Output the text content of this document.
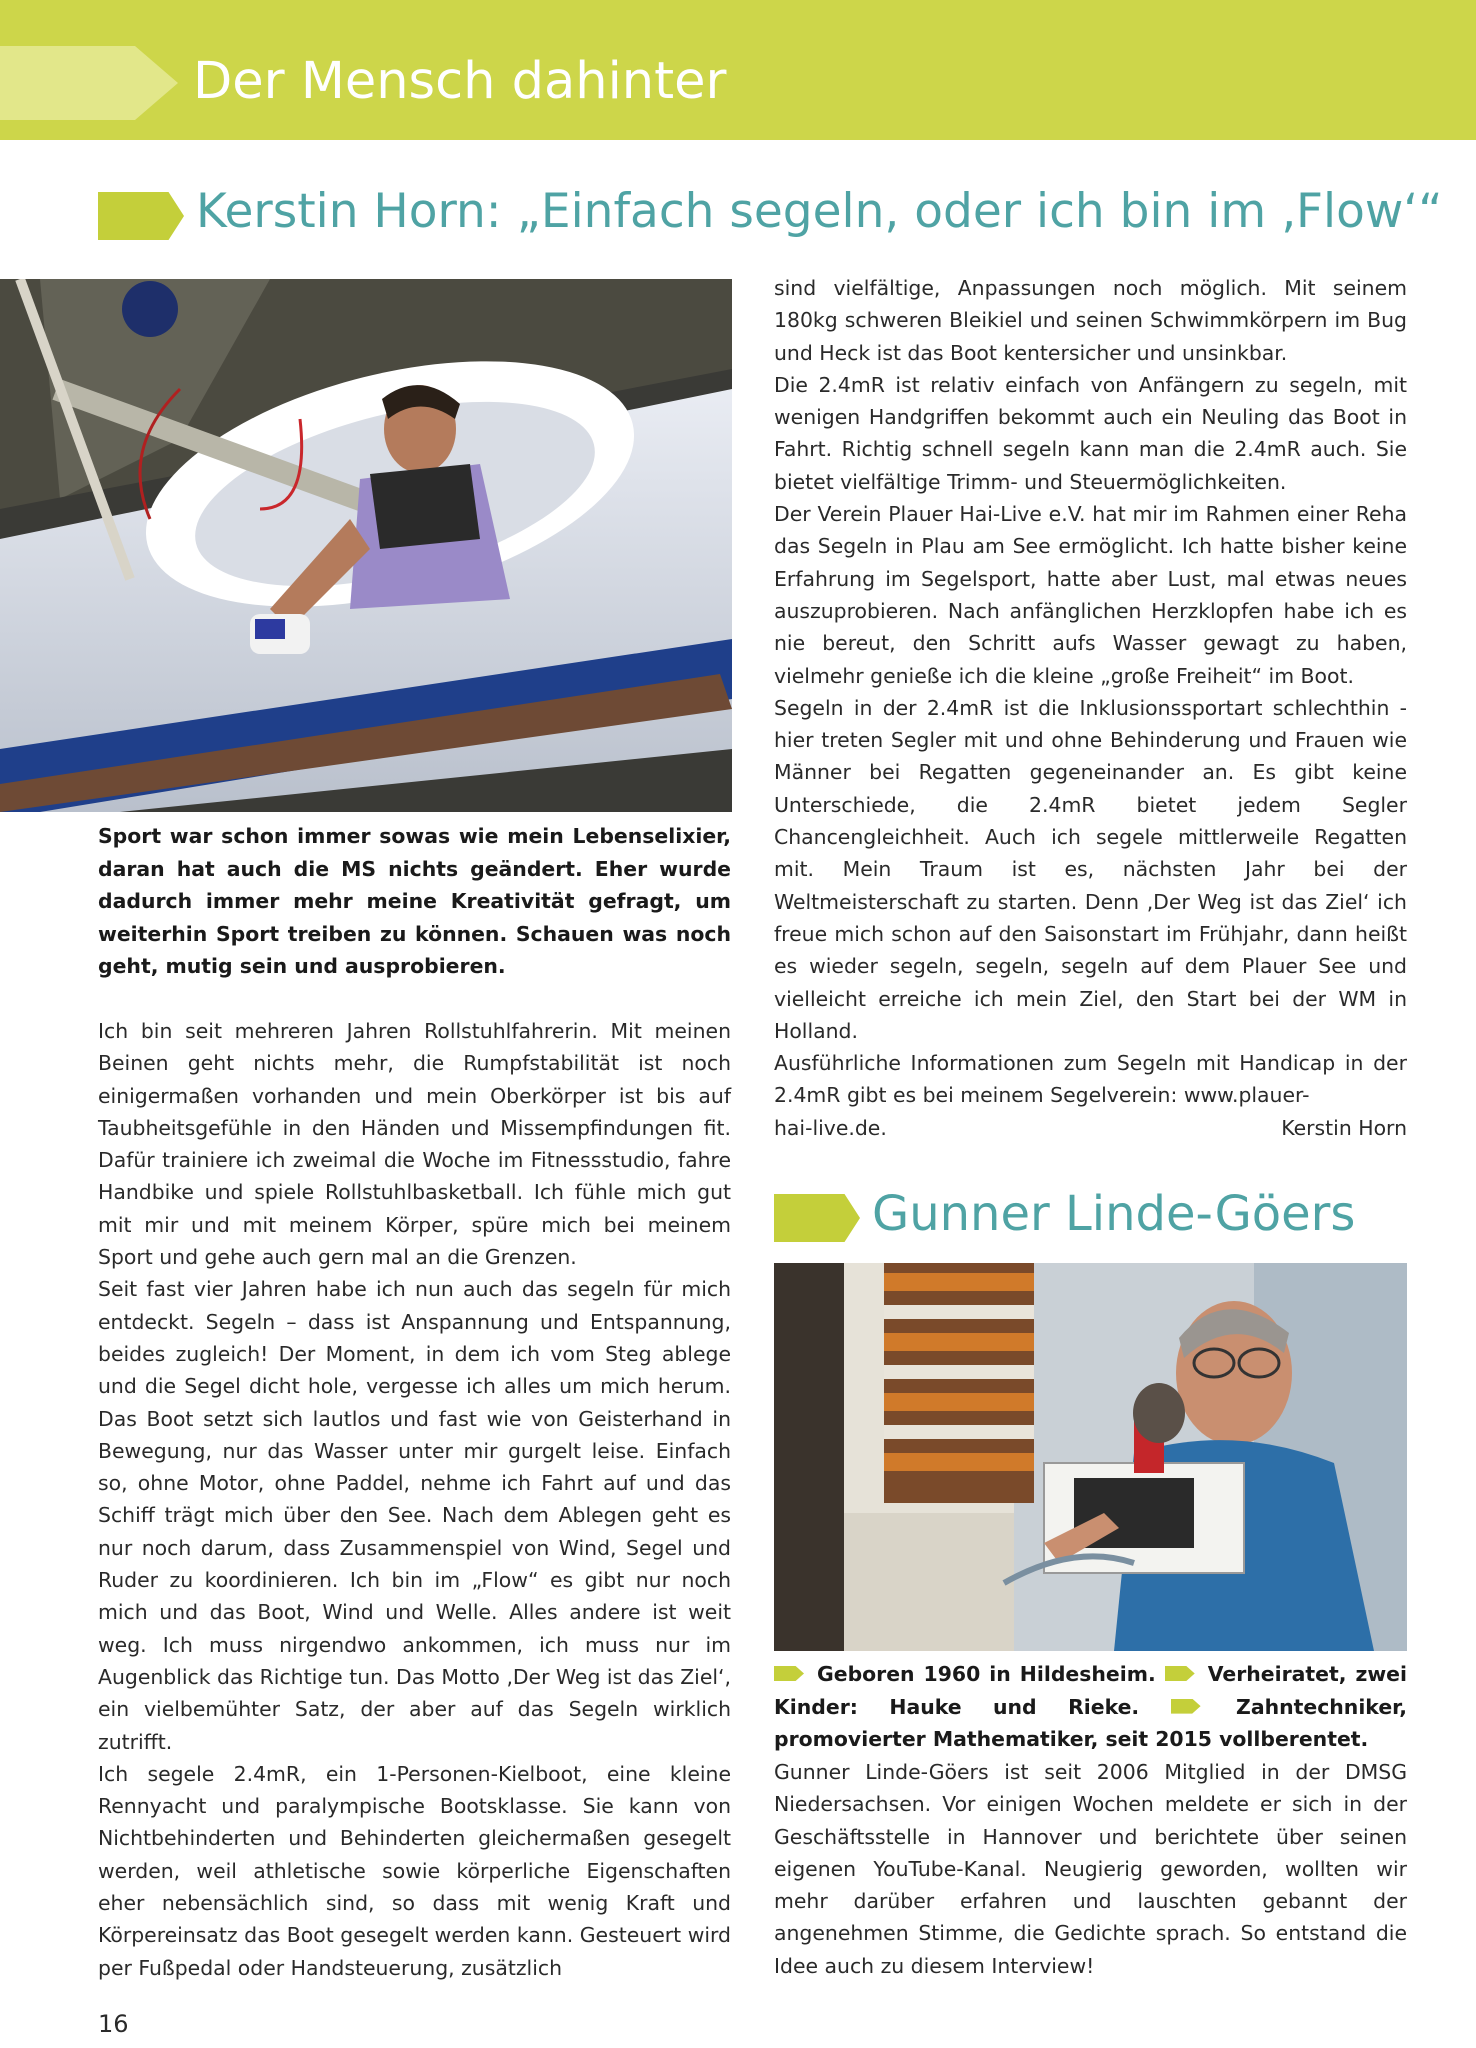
Der Mensch dahinter
Kerstin Horn: „Einfach segeln, oder ich bin im ‚Flow‘“
Sport war schon immer sowas wie mein Lebenselixier, daran hat auch die MS nichts geändert. Eher wurde dadurch immer mehr meine Kreativität gefragt, um weiterhin Sport treiben zu können. Schauen was noch geht, mutig sein und ausprobieren.

Ich bin seit mehreren Jahren Rollstuhlfahrerin. Mit meinen Beinen geht nichts mehr, die Rumpfstabilität ist noch einigermaßen vorhanden und mein Oberkörper ist bis auf Taubheitsgefühle in den Händen und Missempfindungen fit. Dafür trainiere ich zweimal die Woche im Fitnessstudio, fahre Handbike und spiele Rollstuhlbasketball. Ich fühle mich gut mit mir und mit meinem Körper, spüre mich bei meinem Sport und gehe auch gern mal an die Grenzen.

Seit fast vier Jahren habe ich nun auch das segeln für mich entdeckt. Segeln – dass ist Anspannung und Entspannung, beides zugleich! Der Moment, in dem ich vom Steg ablege und die Segel dicht hole, vergesse ich alles um mich herum. Das Boot setzt sich lautlos und fast wie von Geisterhand in Bewegung, nur das Wasser unter mir gurgelt leise. Einfach so, ohne Motor, ohne Paddel, nehme ich Fahrt auf und das Schiff trägt mich über den See. Nach dem Ablegen geht es nur noch darum, dass Zusammenspiel von Wind, Segel und Ruder zu koordinieren. Ich bin im „Flow“ es gibt nur noch mich und das Boot, Wind und Welle. Alles andere ist weit weg. Ich muss nirgendwo ankommen, ich muss nur im Augenblick das Richtige tun. Das Motto ‚Der Weg ist das Ziel‘, ein vielbemühter Satz, der aber auf das Segeln wirklich zutrifft.

Ich segele 2.4mR, ein 1-Personen-Kielboot, eine kleine Rennyacht und paralympische Bootsklasse. Sie kann von Nichtbehinderten und Behinderten gleichermaßen gesegelt werden, weil athletische sowie körperliche Eigenschaften eher nebensächlich sind, so dass mit wenig Kraft und Körpereinsatz das Boot gesegelt werden kann. Gesteuert wird per Fußpedal oder Handsteuerung, zusätzlich

sind vielfältige, Anpassungen noch möglich. Mit seinem 180kg schweren Bleikiel und seinen Schwimmkörpern im Bug und Heck ist das Boot kentersicher und unsinkbar.

Die 2.4mR ist relativ einfach von Anfängern zu segeln, mit wenigen Handgriffen bekommt auch ein Neuling das Boot in Fahrt. Richtig schnell segeln kann man die 2.4mR auch. Sie bietet vielfältige Trimm- und Steuermöglichkeiten.

Der Verein Plauer Hai-Live e.V. hat mir im Rahmen einer Reha das Segeln in Plau am See ermöglicht. Ich hatte bisher keine Erfahrung im Segelsport, hatte aber Lust, mal etwas neues auszuprobieren. Nach anfänglichen Herzklopfen habe ich es nie bereut, den Schritt aufs Wasser gewagt zu haben, vielmehr genieße ich die kleine „große Freiheit“ im Boot.

Segeln in der 2.4mR ist die Inklusionssportart schlechthin - hier treten Segler mit und ohne Behinderung und Frauen wie Männer bei Regatten gegeneinander an. Es gibt keine Unterschiede, die 2.4mR bietet jedem Segler Chancengleichheit. Auch ich segele mittlerweile Regatten mit. Mein Traum ist es, nächsten Jahr bei der Weltmeisterschaft zu starten. Denn ‚Der Weg ist das Ziel‘ ich freue mich schon auf den Saisonstart im Frühjahr, dann heißt es wieder segeln, segeln, segeln auf dem Plauer See und vielleicht erreiche ich mein Ziel, den Start bei der WM in Holland.

Ausführliche Informationen zum Segeln mit Handicap in der 2.4mR gibt es bei meinem Segelverein: www.plauer-

hai-live.de.	Kerstin Horn
Gunner Linde-Göers
Geboren 1960 in Hildesheim.	Verheiratet, zwei Kinder: Hauke und Rieke.	Zahntechniker, promovierter Mathematiker, seit 2015 vollberentet.
Gunner Linde-Göers ist seit 2006 Mitglied in der DMSG Niedersachsen. Vor einigen Wochen meldete er sich in der Geschäftsstelle in Hannover und berichtete über seinen eigenen YouTube-Kanal. Neugierig geworden, wollten wir mehr darüber erfahren und lauschten gebannt der angenehmen Stimme, die Gedichte sprach. So entstand die Idee auch zu diesem Interview!
16
